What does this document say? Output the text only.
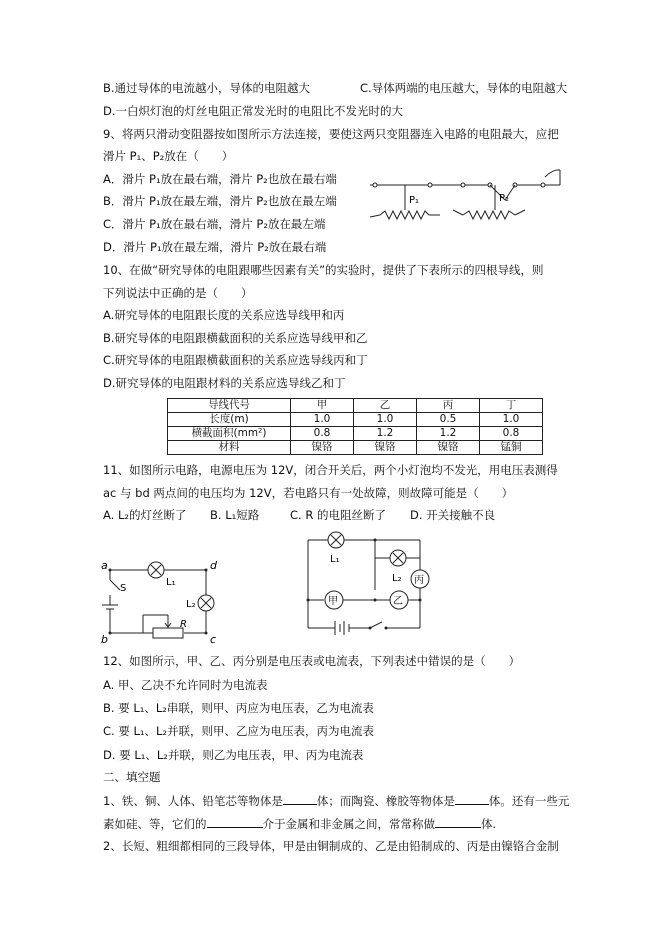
B.通过导体的电流越小，导体的电阻越大	C.导体两端的电压越大，导体的电阻越大
D.一白炽灯泡的灯丝电阻正常发光时的电阻比不发光时的大
9、将两只滑动变阻器按如图所示方法连接，要使这两只变阻器连入电路的电阻最大，应把
滑片 P₁、P₂放在（　　）
A．滑片 P₁放在最右端，滑片 P₂也放在最右端
B．滑片 P₁放在最左端，滑片 P₂也放在最左端
C．滑片 P₁放在最右端，滑片 P₂放在最左端
D．滑片 P₁放在最左端，滑片 P₂放在最右端
P₁	P₂
10、在做“研究导体的电阻跟哪些因素有关”的实验时，提供了下表所示的四根导线，则
下列说法中正确的是（　　）
A.研究导体的电阻跟长度的关系应选导线甲和丙
B.研究导体的电阻跟横截面积的关系应选导线甲和乙
C.研究导体的电阻跟横截面积的关系应选导线丙和丁
D.研究导体的电阻跟材料的关系应选导线乙和丁
导线代号	甲	乙	丙	丁
长度(m)	1.0	1.0	0.5	1.0
横截面积(mm²)	0.8	1.2	1.2	0.8
材料	镍铬	镍铬	镍铬	锰铜
11、如图所示电路，电源电压为 12V，闭合开关后，两个小灯泡均不发光，用电压表测得
ac 与 bd 两点间的电压均为 12V，若电路只有一处故障，则故障可能是（　　）
A. L₂的灯丝断了 B. L₁短路	C. R 的电阻丝断了 D. 开关接触不良
a	d
b	c
S
L₁
L₂
R
L₁
L₂
甲	乙
丙
12、如图所示，甲、乙、丙分别是电压表或电流表，下列表述中错误的是（　　）
A. 甲、乙决不允许同时为电流表
B. 要 L₁、L₂串联，则甲、丙应为电压表，乙为电流表
C. 要 L₁、L₂并联，则甲、乙应为电压表，丙为电流表
D. 要 L₁、L₂并联，则乙为电压表，甲、丙为电流表
二、填空题
1、铁、铜、人体、铅笔芯等物体是	体；而陶瓷、橡胶等物体是	体。还有一些元
素如硅、等，它们的	介于金属和非金属之间，常常称做	体.
2、长短、粗细都相同的三段导体，甲是由铜制成的、乙是由铅制成的、丙是由镍铬合金制
